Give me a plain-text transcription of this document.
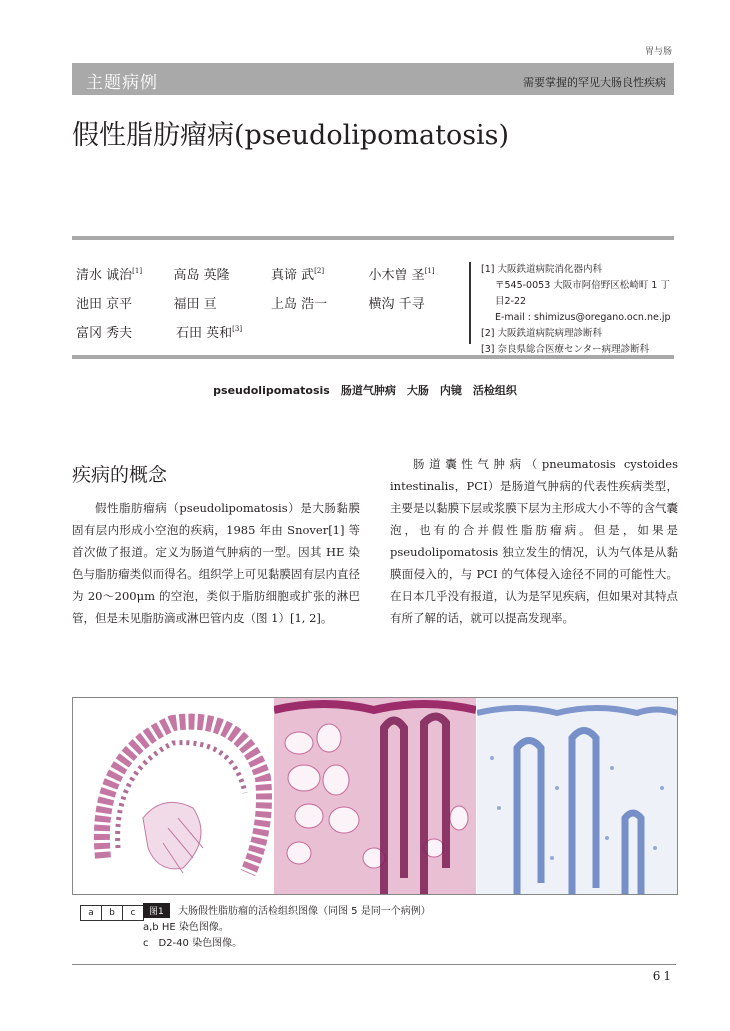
胃与肠
主题病例	需要掌握的罕见大肠良性疾病
假性脂肪瘤病(pseudolipomatosis)
清水 诚治[1]	高岛 英隆	真谛 武[2]	小木曽 圣[1]
池田 京平	福田 亘	上岛 浩一	横沟 千寻
富冈 秀夫	石田 英和[3]
[1] 大阪鉄道病院消化器内科
〒545-0053 大阪市阿倍野区松崎町 1 丁
目2-22
E-mail : shimizus@oregano.ocn.ne.jp
[2] 大阪鉄道病院病理診断科
[3] 奈良県総合医療センター病理診断科
pseudolipomatosis　肠道气肿病　大肠　内镜　活检组织
疾病的概念

假性脂肪瘤病（pseudolipomatosis）是大肠黏膜固有层内形成小空泡的疾病，1985 年由 Snover[1] 等首次做了报道。定义为肠道气肿病的一型。因其 HE 染色与脂肪瘤类似而得名。组织学上可见黏膜固有层内直径为 20～200μm 的空泡，类似于脂肪细胞或扩张的淋巴管，但是未见脂肪滴或淋巴管内皮（图 1）[1, 2]。

肠道囊性气肿病（pneumatosis cystoides intestinalis，PCI）是肠道气肿病的代表性疾病类型，主要是以黏膜下层或浆膜下层为主形成大小不等的含气囊泡，也有的合并假性脂肪瘤病。但是，如果是 pseudolipomatosis 独立发生的情况，认为气体是从黏膜面侵入的，与 PCI 的气体侵入途径不同的可能性大。在日本几乎没有报道，认为是罕见疾病，但如果对其特点有所了解的话，就可以提高发现率。

a	b	c	图1	大肠假性脂肪瘤的活检组织图像（同图 5 是同一个病例）
a,b HE 染色图像。
c　D2-40 染色图像。
61
